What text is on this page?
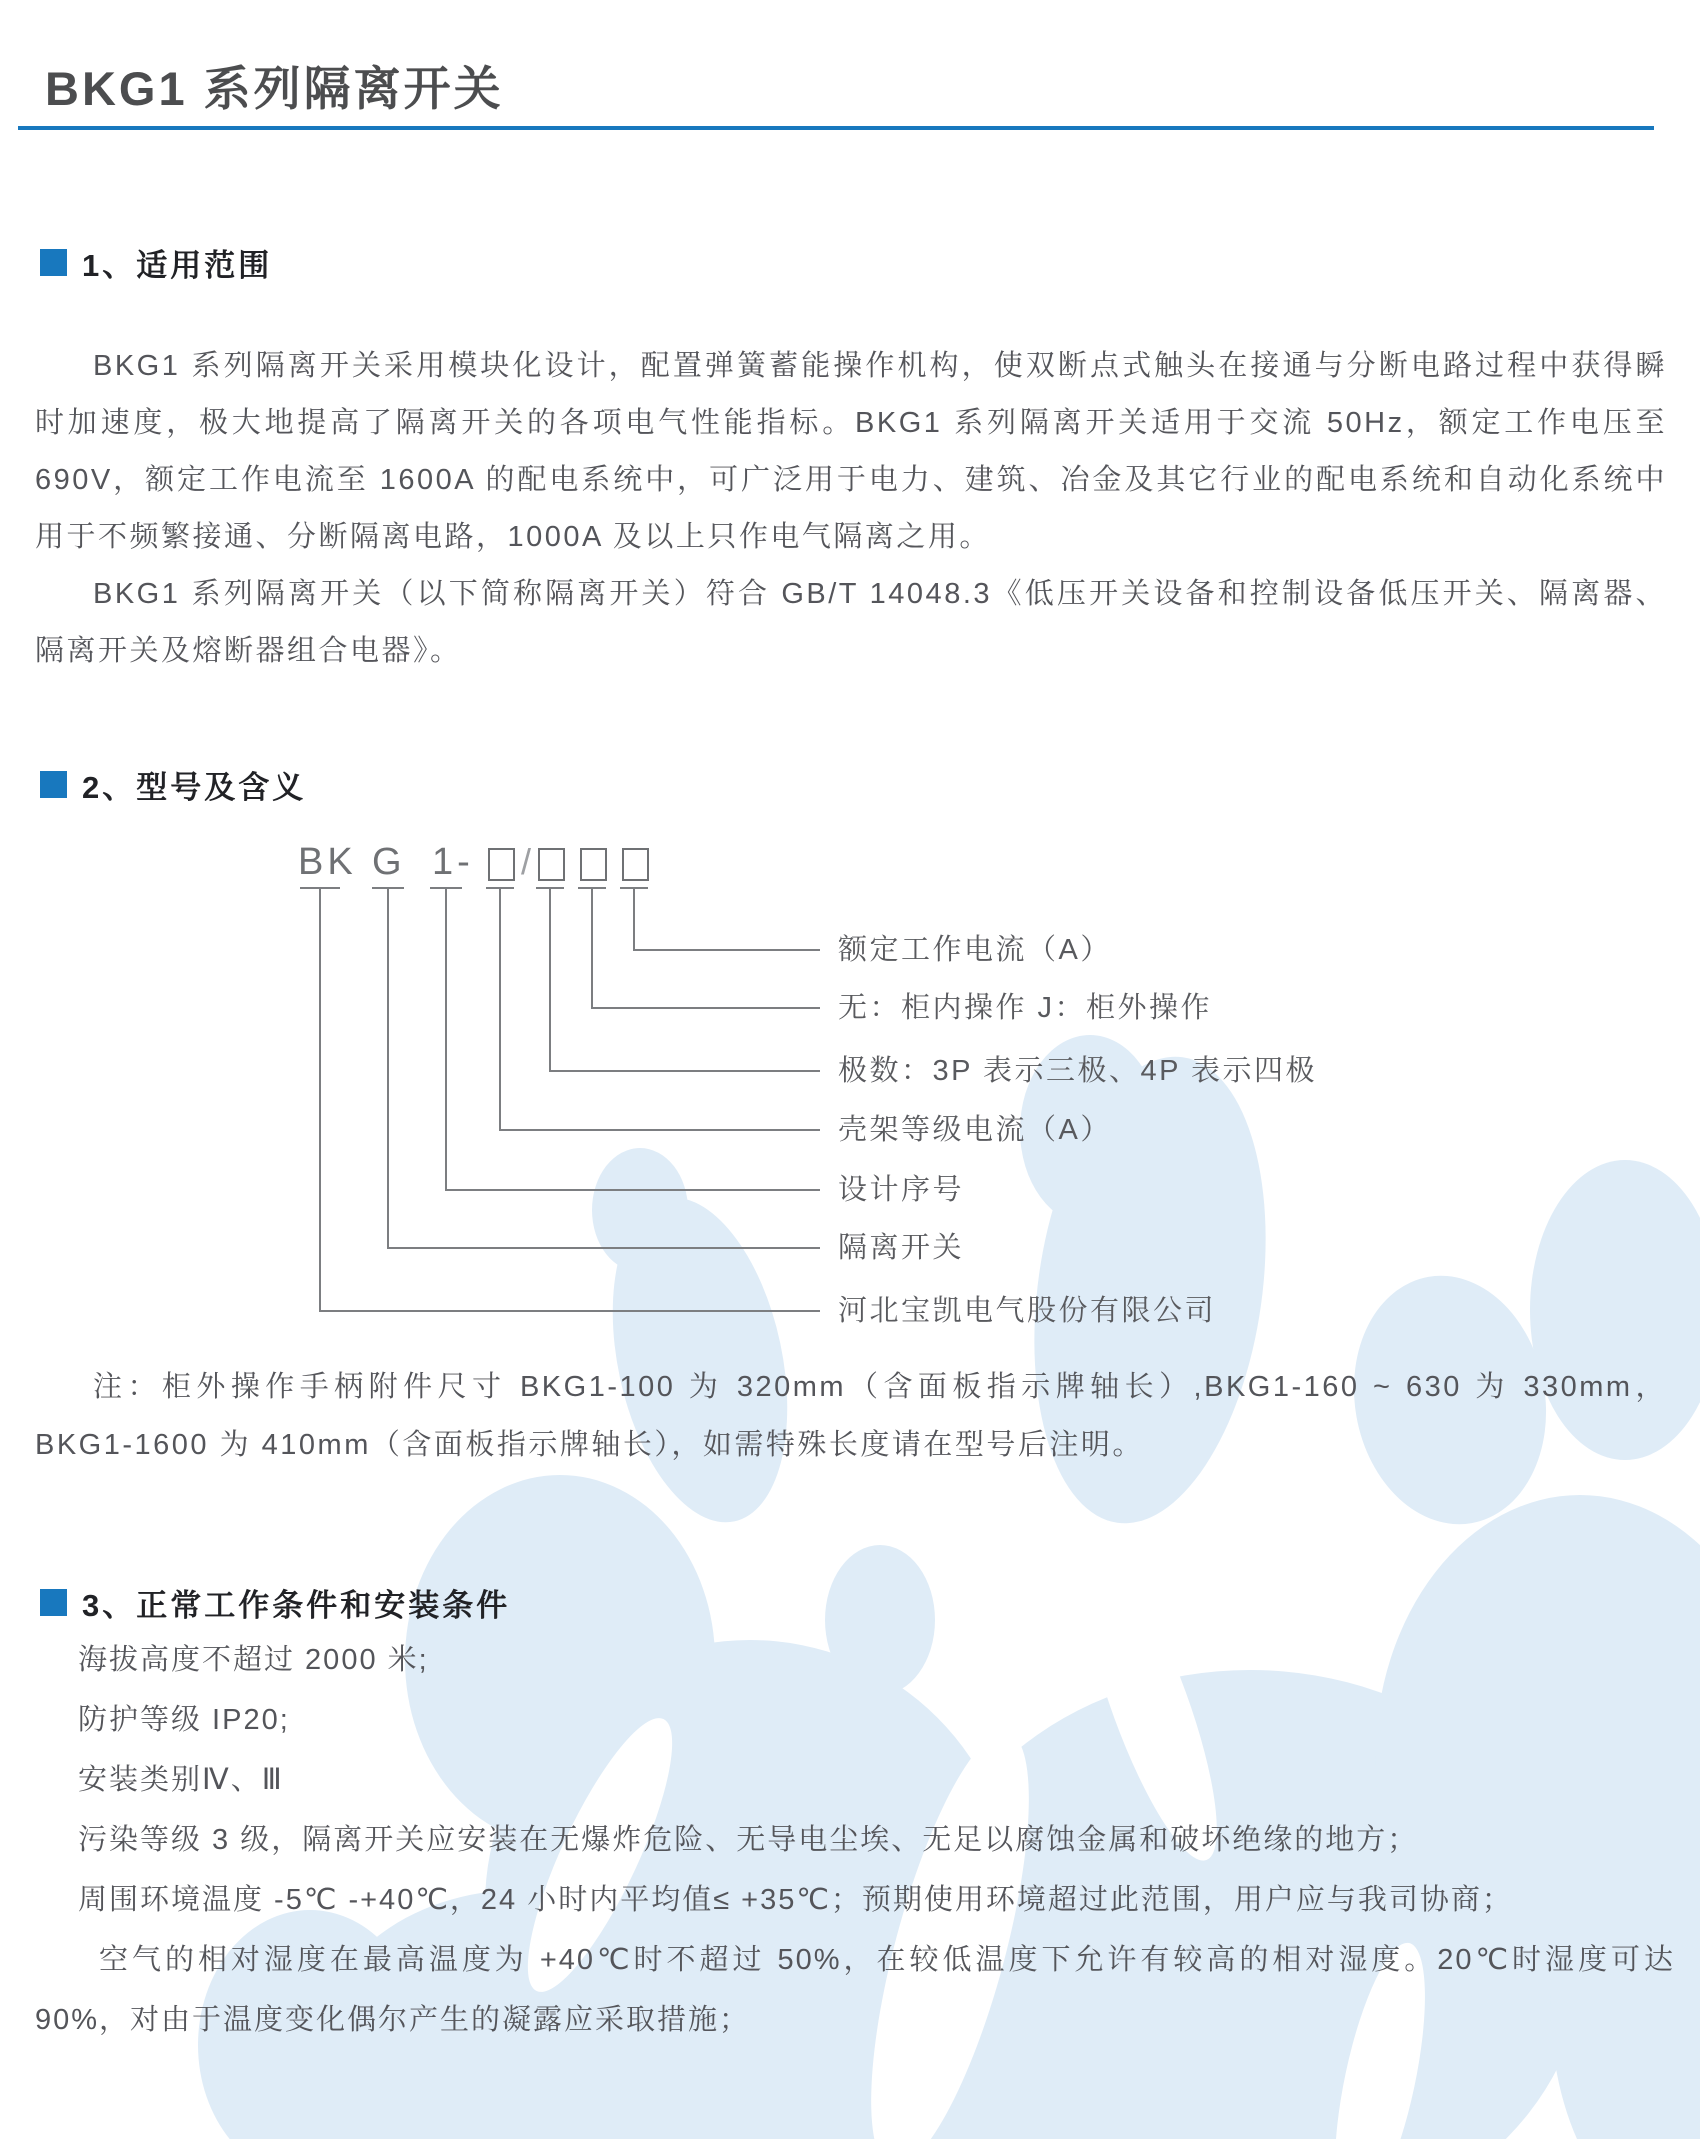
BKG1 系列隔离开关
1、适用范围

BKG1 系列隔离开关采用模块化设计，配置弹簧蓄能操作机构，使双断点式触头在接通与分断电路过程中获得瞬时加速度，极大地提高了隔离开关的各项电气性能指标。BKG1 系列隔离开关适用于交流 50Hz，额定工作电压至 690V，额定工作电流至 1600A 的配电系统中，可广泛用于电力、建筑、冶金及其它行业的配电系统和自动化系统中用于不频繁接通、分断隔离电路，1000A 及以上只作电气隔离之用。

BKG1 系列隔离开关（以下简称隔离开关）符合 GB/T 14048.3《低压开关设备和控制设备低压开关、隔离器、隔离开关及熔断器组合电器》。

2、型号及含义
BK G 1- /
额定工作电流（A）
无：柜内操作 J：柜外操作
极数：3P 表示三极、4P 表示四极
壳架等级电流（A）
设计序号
隔离开关
河北宝凯电气股份有限公司

注：柜外操作手柄附件尺寸 BKG1-100 为 320mm（含面板指示牌轴长）,BKG1-160 ~ 630 为 330mm，BKG1-1600 为 410mm（含面板指示牌轴长），如需特殊长度请在型号后注明。

3、正常工作条件和安装条件
海拔高度不超过 2000 米;
防护等级 IP20;
安装类别Ⅳ、Ⅲ
污染等级 3 级，隔离开关应安装在无爆炸危险、无导电尘埃、无足以腐蚀金属和破坏绝缘的地方；
周围环境温度 -5℃ -+40℃，24 小时内平均值≤ +35℃；预期使用环境超过此范围，用户应与我司协商；
空气的相对湿度在最高温度为 +40℃时不超过 50%，在较低温度下允许有较高的相对湿度。20℃时湿度可达 90%，对由于温度变化偶尔产生的凝露应采取措施；
